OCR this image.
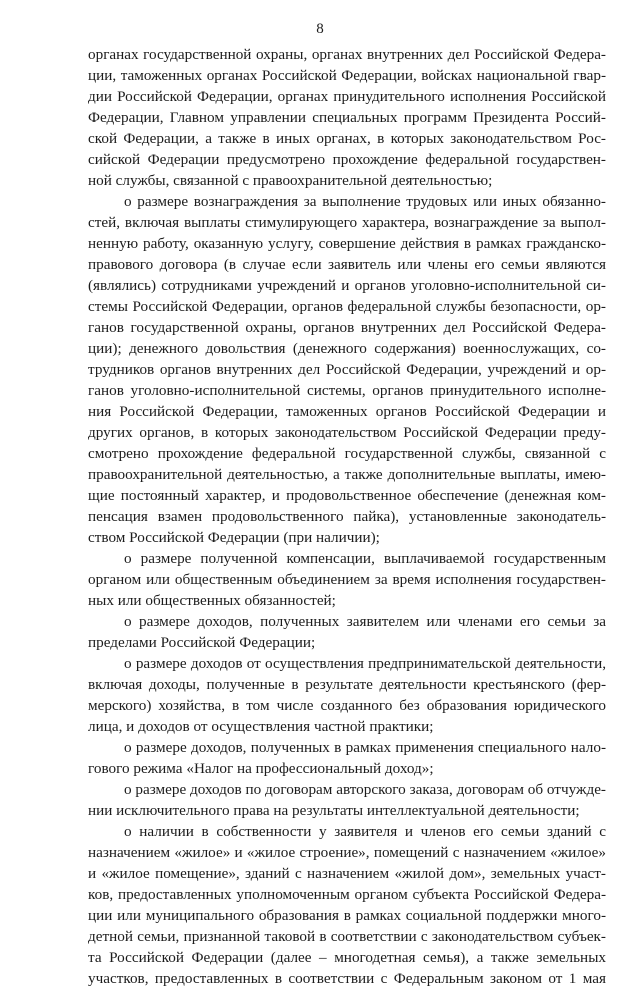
8
органах государственной охраны, органах внутренних дел Российской Федера-
ции, таможенных органах Российской Федерации, войсках национальной гвар-
дии Российской Федерации, органах принудительного исполнения Российской
Федерации, Главном управлении специальных программ Президента Россий-
ской Федерации, а также в иных органах, в которых законодательством Рос-
сийской Федерации предусмотрено прохождение федеральной государствен-
ной службы, связанной с правоохранительной деятельностью;
о размере вознаграждения за выполнение трудовых или иных обязанно-
стей, включая выплаты стимулирующего характера, вознаграждение за выпол-
ненную работу, оказанную услугу, совершение действия в рамках гражданско-
правового договора (в случае если заявитель или члены его семьи являются
(являлись) сотрудниками учреждений и органов уголовно-исполнительной си-
стемы Российской Федерации, органов федеральной службы безопасности, ор-
ганов государственной охраны, органов внутренних дел Российской Федера-
ции); денежного довольствия (денежного содержания) военнослужащих, со-
трудников органов внутренних дел Российской Федерации, учреждений и ор-
ганов уголовно-исполнительной системы, органов принудительного исполне-
ния Российской Федерации, таможенных органов Российской Федерации и
других органов, в которых законодательством Российской Федерации преду-
смотрено прохождение федеральной государственной службы, связанной с
правоохранительной деятельностью, а также дополнительные выплаты, имею-
щие постоянный характер, и продовольственное обеспечение (денежная ком-
пенсация взамен продовольственного пайка), установленные законодатель-
ством Российской Федерации (при наличии);
о размере полученной компенсации, выплачиваемой государственным
органом или общественным объединением за время исполнения государствен-
ных или общественных обязанностей;
о размере доходов, полученных заявителем или членами его семьи за
пределами Российской Федерации;
о размере доходов от осуществления предпринимательской деятельности,
включая доходы, полученные в результате деятельности крестьянского (фер-
мерского) хозяйства, в том числе созданного без образования юридического
лица, и доходов от осуществления частной практики;
о размере доходов, полученных в рамках применения специального нало-
гового режима «Налог на профессиональный доход»;
о размере доходов по договорам авторского заказа, договорам об отчужде-
нии исключительного права на результаты интеллектуальной деятельности;
о наличии в собственности у заявителя и членов его семьи зданий с
назначением «жилое» и «жилое строение», помещений с назначением «жилое»
и «жилое помещение», зданий с назначением «жилой дом», земельных участ-
ков, предоставленных уполномоченным органом субъекта Российской Федера-
ции или муниципального образования в рамках социальной поддержки много-
детной семьи, признанной таковой в соответствии с законодательством субъек-
та Российской Федерации (далее – многодетная семья), а также земельных
участков, предоставленных в соответствии с Федеральным законом от 1 мая
